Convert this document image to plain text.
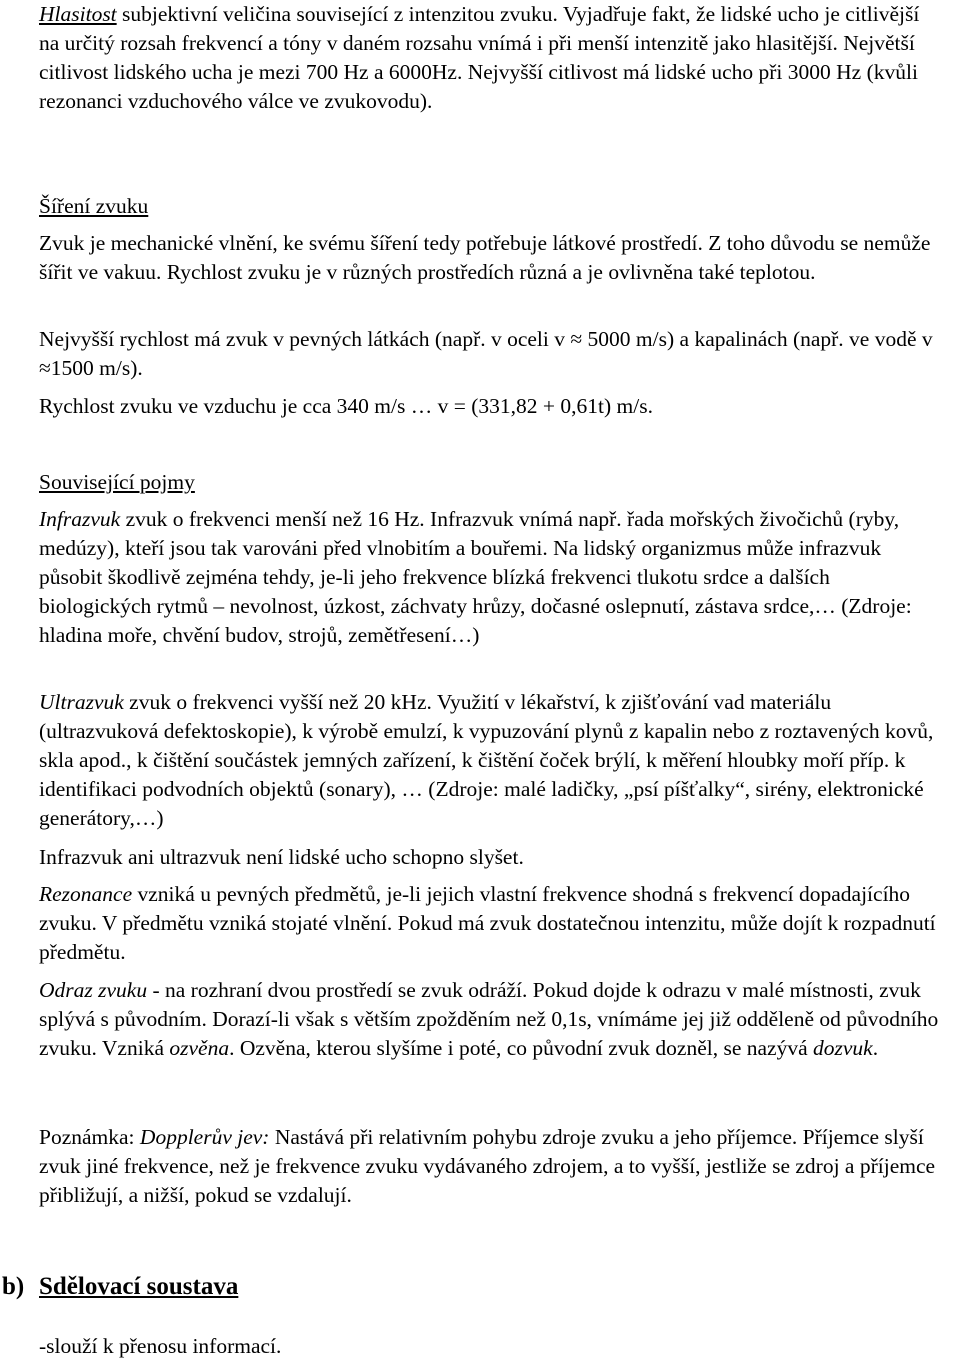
Hlasitost subjektivní veličina související z intenzitou zvuku. Vyjadřuje fakt, že lidské ucho je citlivější na určitý rozsah frekvencí a tóny v daném rozsahu vnímá i při menší intenzitě jako hlasitější. Největší citlivost lidského ucha je mezi 700 Hz a 6000Hz. Nejvyšší citlivost má lidské ucho při 3000 Hz (kvůli rezonanci vzduchového válce ve zvukovodu).

Šíření zvuku

Zvuk je mechanické vlnění, ke svému šíření tedy potřebuje látkové prostředí. Z toho důvodu se nemůže šířit ve vakuu. Rychlost zvuku je v různých prostředích různá a je ovlivněna také teplotou.

Nejvyšší rychlost má zvuk v pevných látkách (např. v oceli v ≈ 5000 m/s) a kapalinách (např. ve vodě v ≈1500 m/s).

Rychlost zvuku ve vzduchu je cca 340 m/s … v = (331,82 + 0,61t) m/s.

Související pojmy

Infrazvuk zvuk o frekvenci menší než 16 Hz. Infrazvuk vnímá např. řada mořských živočichů (ryby, medúzy), kteří jsou tak varováni před vlnobitím a bouřemi. Na lidský organizmus může infrazvuk působit škodlivě zejména tehdy, je-li jeho frekvence blízká frekvenci tlukotu srdce a dalších biologických rytmů – nevolnost, úzkost, záchvaty hrůzy, dočasné oslepnutí, zástava srdce,… (Zdroje: hladina moře, chvění budov, strojů, zemětřesení…)

Ultrazvuk zvuk o frekvenci vyšší než 20 kHz. Využití v lékařství, k zjišťování vad materiálu (ultrazvuková defektoskopie), k výrobě emulzí, k vypuzování plynů z kapalin nebo z roztavených kovů, skla apod., k čištění součástek jemných zařízení, k čištění čoček brýlí, k měření hloubky moří příp. k identifikaci podvodních objektů (sonary), … (Zdroje: malé ladičky, „psí píšťalky“, sirény, elektronické generátory,…)

Infrazvuk ani ultrazvuk není lidské ucho schopno slyšet.

Rezonance vzniká u pevných předmětů, je-li jejich vlastní frekvence shodná s frekvencí dopadajícího zvuku. V předmětu vzniká stojaté vlnění. Pokud má zvuk dostatečnou intenzitu, může dojít k rozpadnutí předmětu.

Odraz zvuku - na rozhraní dvou prostředí se zvuk odráží. Pokud dojde k odrazu v malé místnosti, zvuk splývá s původním. Dorazí-li však s větším zpožděním než 0,1s, vnímáme jej již odděleně od původního zvuku. Vzniká ozvěna. Ozvěna, kterou slyšíme i poté, co původní zvuk dozněl, se nazývá dozvuk.

Poznámka: Dopplerův jev: Nastává při relativním pohybu zdroje zvuku a jeho příjemce. Příjemce slyší zvuk jiné frekvence, než je frekvence zvuku vydávaného zdrojem, a to vyšší, jestliže se zdroj a příjemce přibližují, a nižší, pokud se vzdalují.

b) Sdělovací soustava

-slouží k přenosu informací.
